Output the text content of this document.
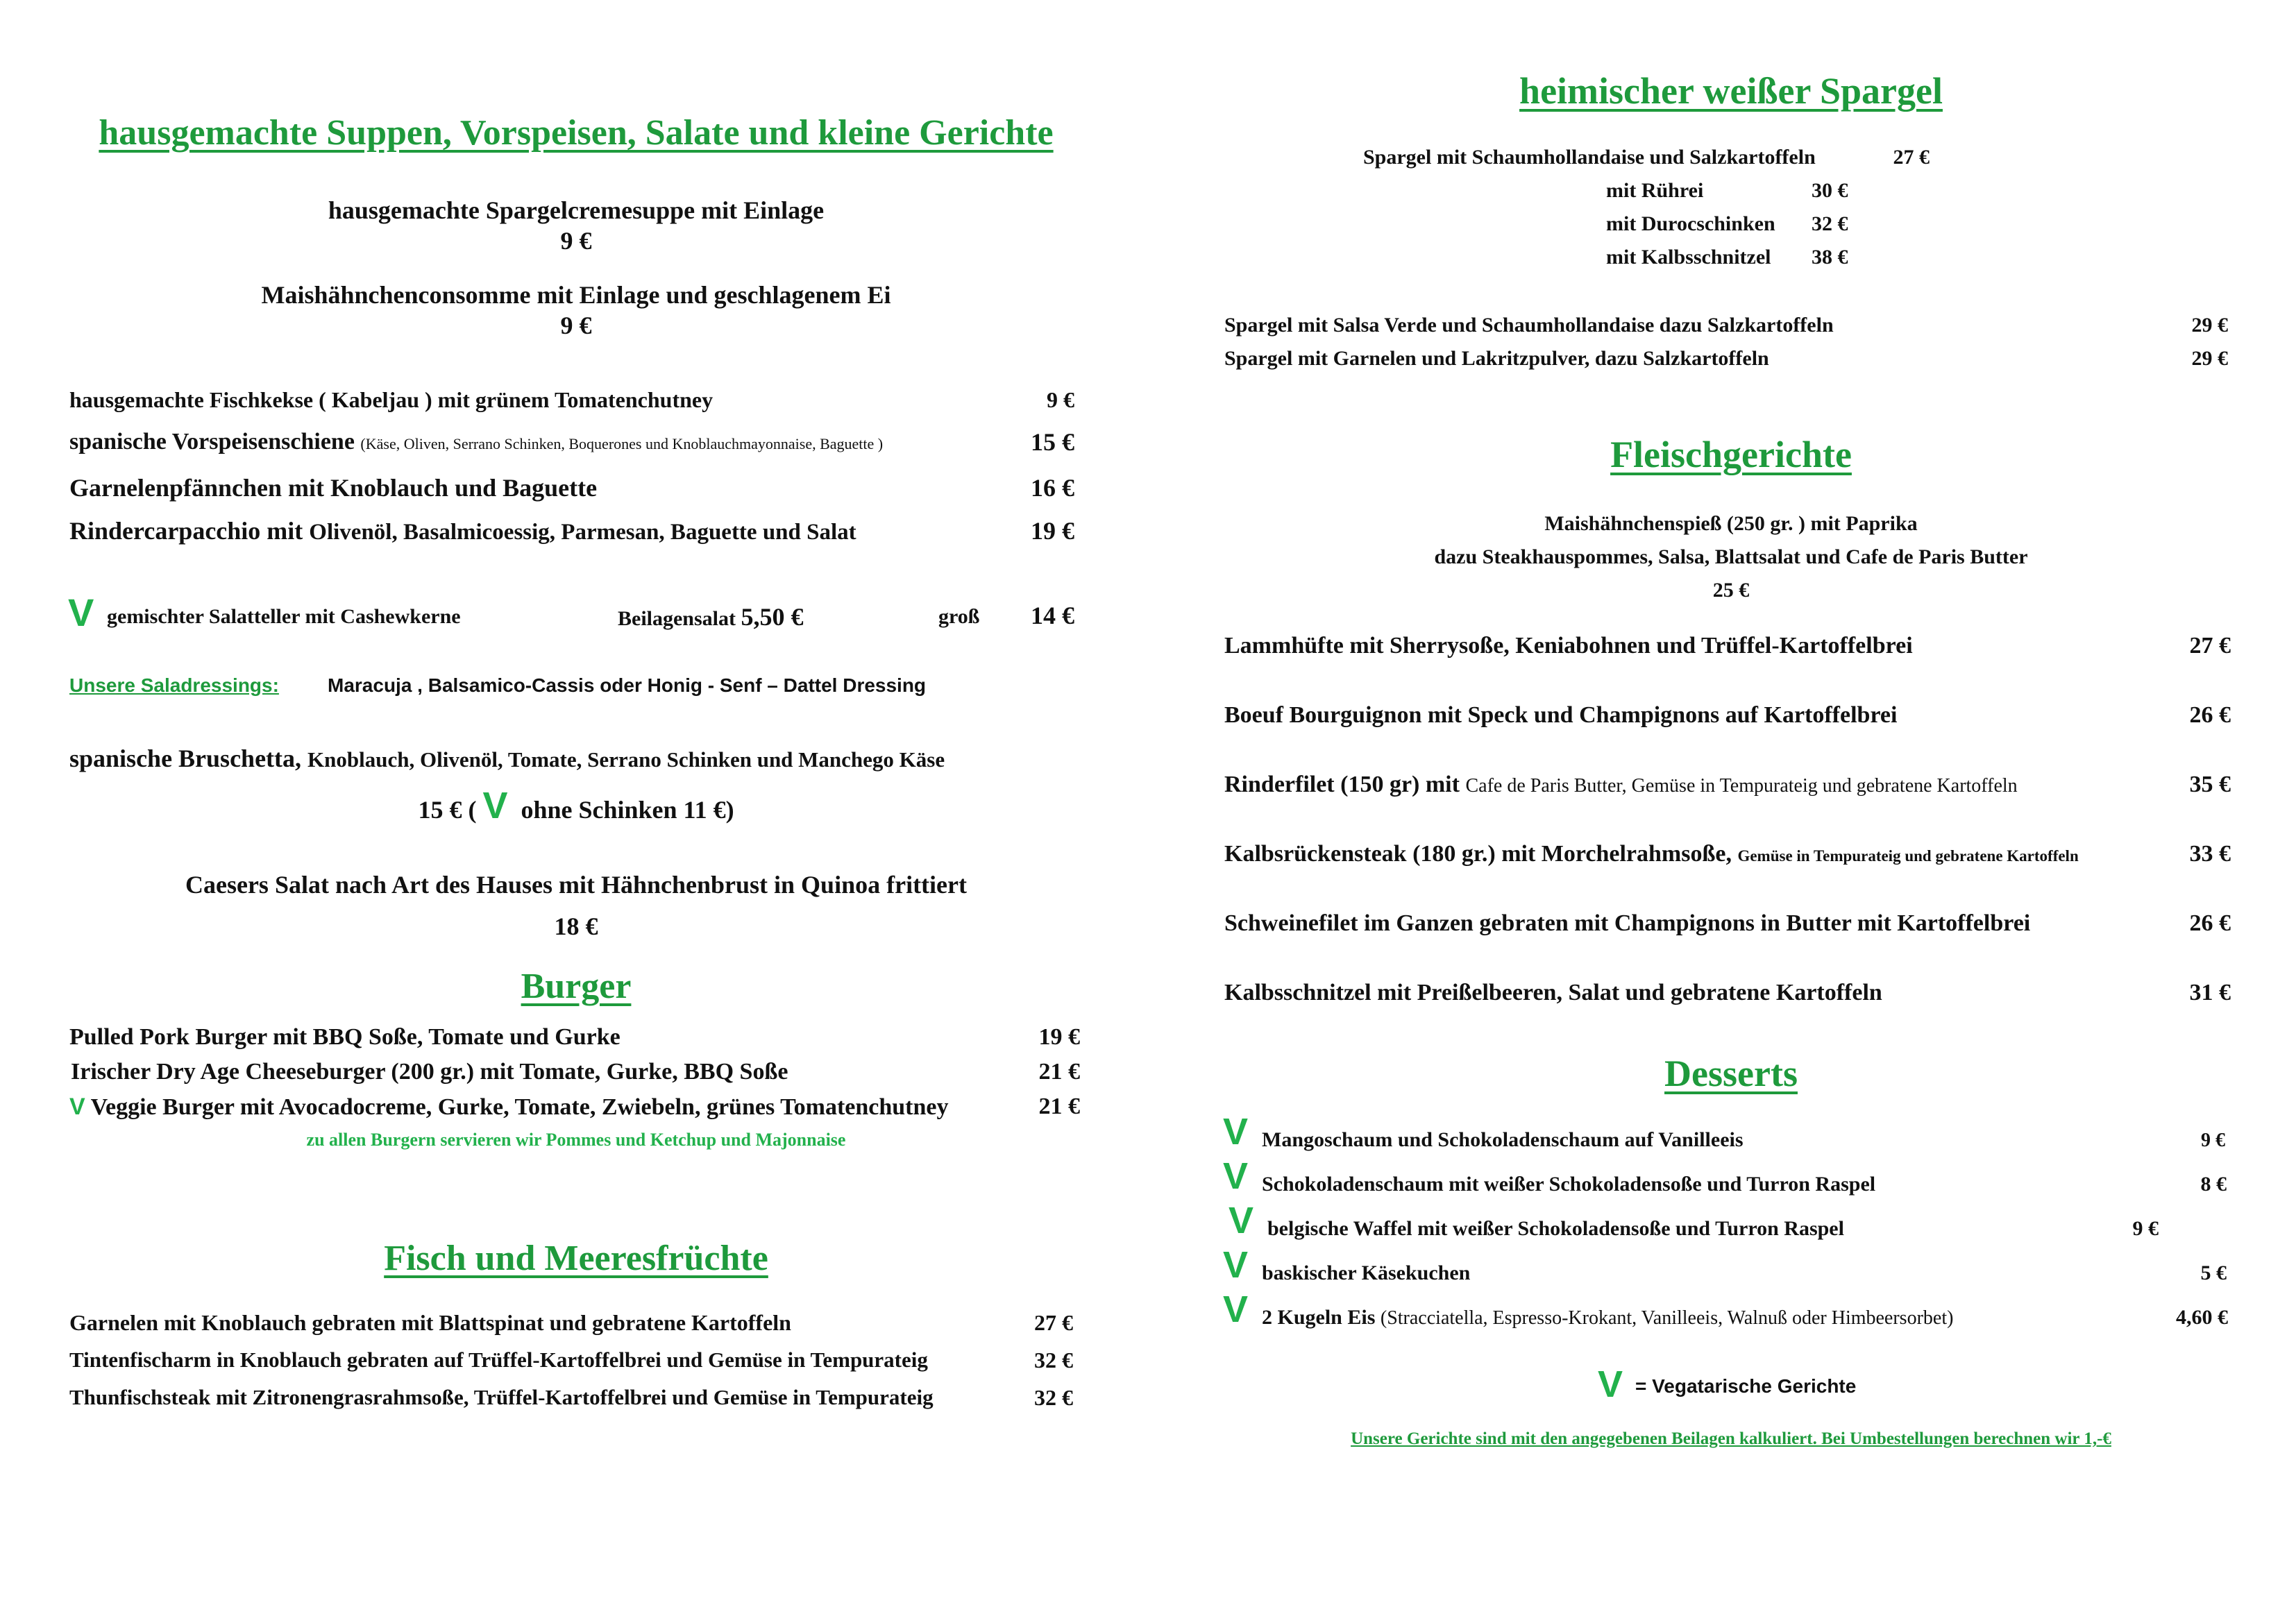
hausgemachte Suppen, Vorspeisen, Salate und kleine Gerichte
hausgemachte Spargelcremesuppe mit Einlage
9 €
Maishähnchenconsomme mit Einlage und geschlagenem Ei
9 €
hausgemachte Fischkekse ( Kabeljau ) mit grünem Tomatenchutney	9 €
spanische Vorspeisenschiene (Käse, Oliven, Serrano Schinken, Boquerones und Knoblauchmayonnaise, Baguette )	15 €
Garnelenpfännchen mit Knoblauch und Baguette	16 €
Rindercarpacchio mit Olivenöl, Basalmicoessig, Parmesan, Baguette und Salat	19 €
V gemischter Salatteller mit Cashewkerne	Beilagensalat 5,50 €	groß 14 €
Unsere Saladressings:	Maracuja , Balsamico-Cassis oder Honig - Senf – Dattel Dressing
spanische Bruschetta, Knoblauch, Olivenöl, Tomate, Serrano Schinken und Manchego Käse
15 € ( V ohne Schinken 11 €)
Caesers Salat nach Art des Hauses mit Hähnchenbrust in Quinoa frittiert
18 €
Burger
Pulled Pork Burger mit BBQ Soße, Tomate und Gurke	19 €
Irischer Dry Age Cheeseburger (200 gr.) mit Tomate, Gurke, BBQ Soße	21 €
V Veggie Burger mit Avocadocreme, Gurke, Tomate, Zwiebeln, grünes Tomatenchutney	21 €
zu allen Burgern servieren wir Pommes und Ketchup und Majonnaise
Fisch und Meeresfrüchte
Garnelen mit Knoblauch gebraten mit Blattspinat und gebratene Kartoffeln	27 €
Tintenfischarm in Knoblauch gebraten auf Trüffel-Kartoffelbrei und Gemüse in Tempurateig	32 €
Thunfischsteak mit Zitronengrasrahmsoße, Trüffel-Kartoffelbrei und Gemüse in Tempurateig	32 €
heimischer weißer Spargel
Spargel mit Schaumhollandaise und Salzkartoffeln	27 €
mit Rührei	30 €
mit Durocschinken 32 €
mit Kalbsschnitzel 38 €
Spargel mit Salsa Verde und Schaumhollandaise dazu Salzkartoffeln	29 €
Spargel mit Garnelen und Lakritzpulver, dazu Salzkartoffeln	29 €
Fleischgerichte
Maishähnchenspieß (250 gr. ) mit Paprika
dazu Steakhauspommes, Salsa, Blattsalat und Cafe de Paris Butter
25 €
Lammhüfte mit Sherrysoße, Keniabohnen und Trüffel-Kartoffelbrei	27 €
Boeuf Bourguignon mit Speck und Champignons auf Kartoffelbrei	26 €
Rinderfilet (150 gr) mit Cafe de Paris Butter, Gemüse in Tempurateig und gebratene Kartoffeln	35 €
Kalbsrückensteak (180 gr.) mit Morchelrahmsoße, Gemüse in Tempurateig und gebratene Kartoffeln	33 €
Schweinefilet im Ganzen gebraten mit Champignons in Butter mit Kartoffelbrei	26 €
Kalbsschnitzel mit Preißelbeeren, Salat und gebratene Kartoffeln	31 €
Desserts
V Mangoschaum und Schokoladenschaum auf Vanilleeis	9 €
V Schokoladenschaum mit weißer Schokoladensoße und Turron Raspel	8 €
V belgische Waffel mit weißer Schokoladensoße und Turron Raspel	9 €
V baskischer Käsekuchen	5 €
V 2 Kugeln Eis (Stracciatella, Espresso-Krokant, Vanilleeis, Walnuß oder Himbeersorbet)	4,60 €
V = Vegatarische Gerichte
Unsere Gerichte sind mit den angegebenen Beilagen kalkuliert. Bei Umbestellungen berechnen wir 1,-€
